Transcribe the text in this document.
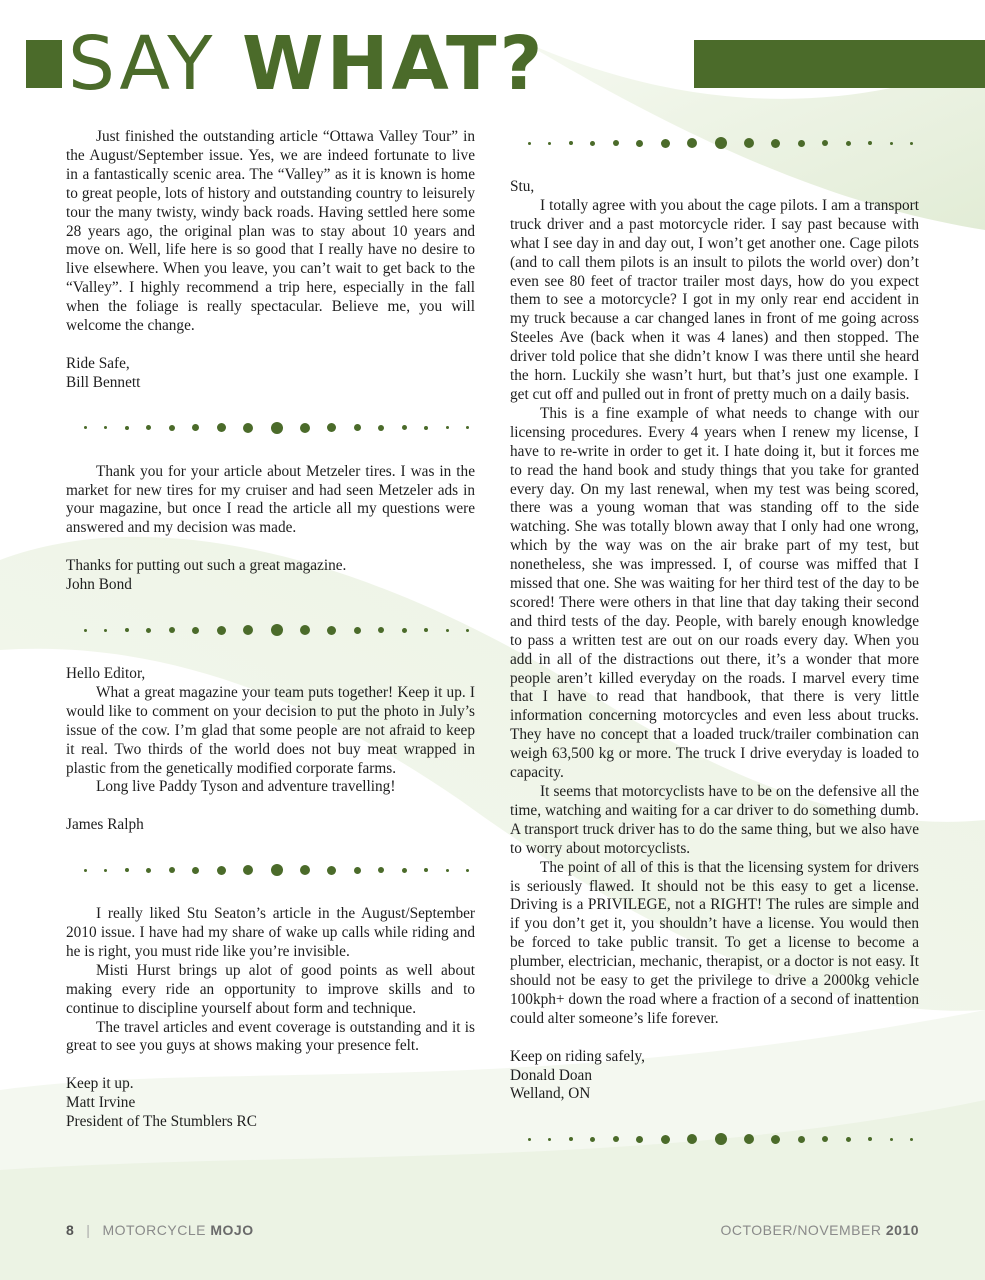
SAY WHAT?

Just finished the outstanding article “Ottawa Valley Tour” in the August/September issue. Yes, we are indeed fortunate to live in a fantastically scenic area. The “Valley” as it is known is home to great people, lots of history and outstanding country to leisurely tour the many twisty, windy back roads. Having settled here some 28 years ago, the original plan was to stay about 10 years and move on. Well, life here is so good that I really have no desire to live elsewhere. When you leave, you can’t wait to get back to the “Valley”. I highly recommend a trip here, especially in the fall when the foliage is really spectacular. Believe me, you will welcome the change.

Ride Safe,

Bill Bennett

Thank you for your article about Metzeler tires. I was in the market for new tires for my cruiser and had seen Metzeler ads in your magazine, but once I read the article all my questions were answered and my decision was made.

Thanks for putting out such a great magazine.

John Bond

Hello Editor,

What a great magazine your team puts together! Keep it up. I would like to comment on your decision to put the photo in July’s issue of the cow. I’m glad that some people are not afraid to keep it real. Two thirds of the world does not buy meat wrapped in plastic from the genetically modified corporate farms.

Long live Paddy Tyson and adventure travelling!

James Ralph

I really liked Stu Seaton’s article in the August/September 2010 issue. I have had my share of wake up calls while riding and he is right, you must ride like you’re invisible.

Misti Hurst brings up alot of good points as well about making every ride an opportunity to improve skills and to continue to discipline yourself about form and technique.

The travel articles and event coverage is outstanding and it is great to see you guys at shows making your presence felt.

Keep it up.

Matt Irvine

President of The Stumblers RC

Stu,

I totally agree with you about the cage pilots. I am a transport truck driver and a past motorcycle rider. I say past because with what I see day in and day out, I won’t get another one. Cage pilots (and to call them pilots is an insult to pilots the world over) don’t even see 80 feet of tractor trailer most days, how do you expect them to see a motorcycle? I got in my only rear end accident in my truck because a car changed lanes in front of me going across Steeles Ave (back when it was 4 lanes) and then stopped. The driver told police that she didn’t know I was there until she heard the horn. Luckily she wasn’t hurt, but that’s just one example. I get cut off and pulled out in front of pretty much on a daily basis.

This is a fine example of what needs to change with our licensing procedures. Every 4 years when I renew my license, I have to re-write in order to get it. I hate doing it, but it forces me to read the hand book and study things that you take for granted every day. On my last renewal, when my test was being scored, there was a young woman that was standing off to the side watching. She was totally blown away that I only had one wrong, which by the way was on the air brake part of my test, but nonetheless, she was impressed. I, of course was miffed that I missed that one. She was waiting for her third test of the day to be scored! There were others in that line that day taking their second and third tests of the day. People, with barely enough knowledge to pass a written test are out on our roads every day. When you add in all of the distractions out there, it’s a wonder that more people aren’t killed everyday on the roads. I marvel every time that I have to read that handbook, that there is very little information concerning motorcycles and even less about trucks. They have no concept that a loaded truck/trailer combination can weigh 63,500 kg or more. The truck I drive everyday is loaded to capacity.

It seems that motorcyclists have to be on the defensive all the time, watching and waiting for a car driver to do something dumb. A transport truck driver has to do the same thing, but we also have to worry about motorcyclists.

The point of all of this is that the licensing system for drivers is seriously flawed. It should not be this easy to get a license. Driving is a PRIVILEGE, not a RIGHT! The rules are simple and if you don’t get it, you shouldn’t have a license. You would then be forced to take public transit. To get a license to become a plumber, electrician, mechanic, therapist, or a doctor is not easy. It should not be easy to get the privilege to drive a 2000kg vehicle 100kph+ down the road where a fraction of a second of inattention could alter someone’s life forever.

Keep on riding safely,

Donald Doan

Welland, ON

8 | MOTORCYCLE MOJO	OCTOBER/NOVEMBER 2010
